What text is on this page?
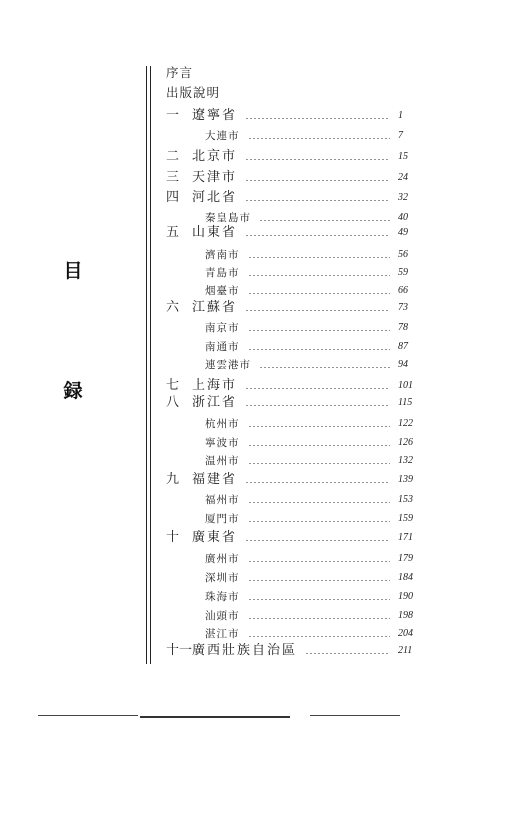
目
録
序言
出版說明
一 遼寧省	1
大連市	7
二 北京市	15
三 天津市	24
四 河北省	32
秦皇島市	40
五 山東省	49
濟南市	56
青島市	59
烟臺市	66
六 江蘇省	73
南京市	78
南通市	87
連雲港市	94
七 上海市	101
八 浙江省	115
杭州市	122
寧波市	126
温州市	132
九 福建省	139
福州市	153
厦門市	159
十 廣東省	171
廣州市	179
深圳市	184
珠海市	190
汕頭市	198
湛江市	204
十一 廣西壯族自治區	211
